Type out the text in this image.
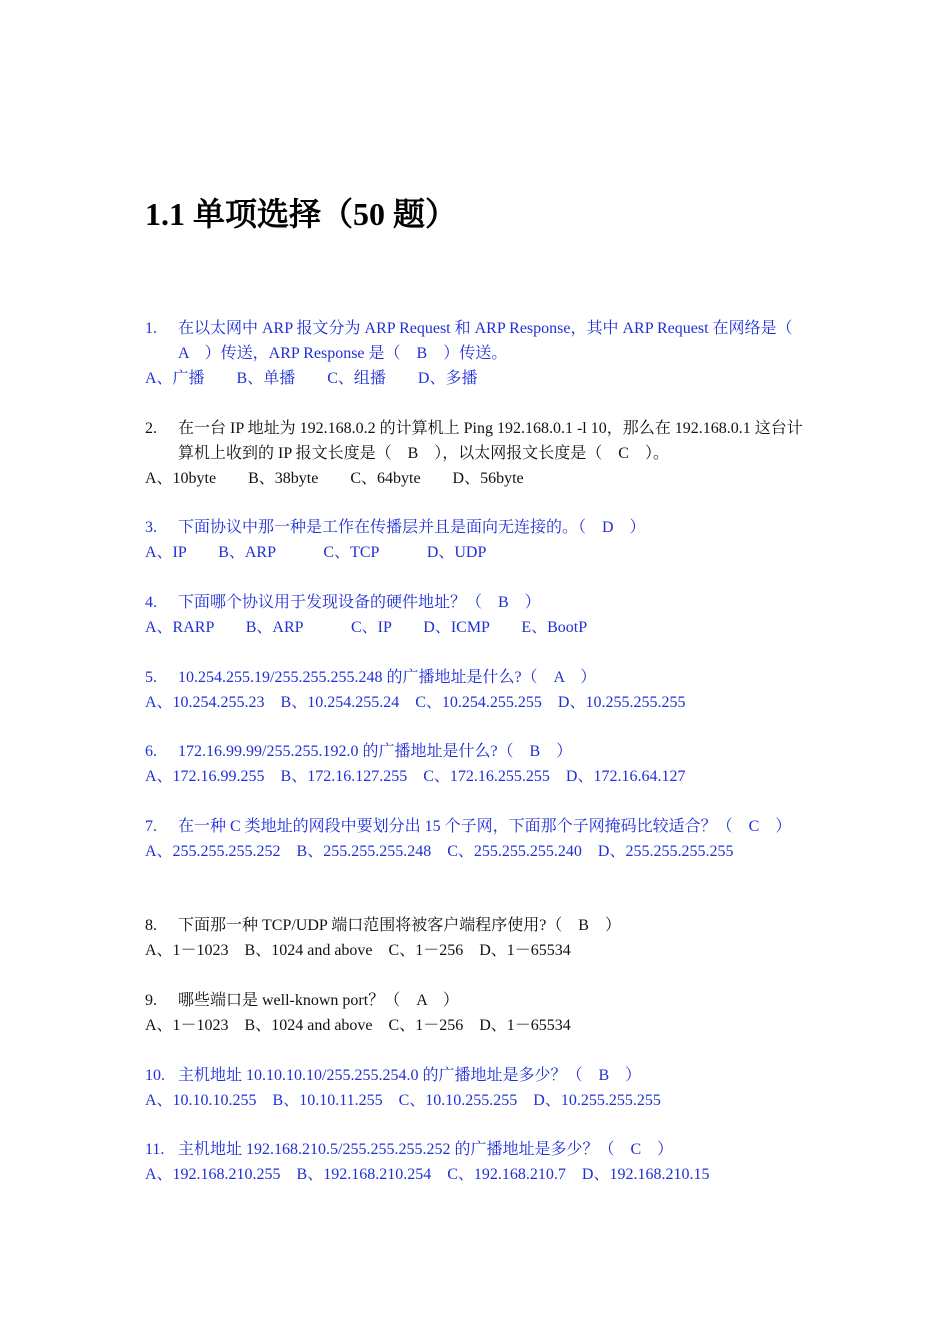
1.1 单项选择（50 题）
1. 在以太网中 ARP 报文分为 ARP Request 和 ARP Response，其中 ARP Request 在网络是（　A　）传送，ARP Response 是（　B　）传送。
A、广播　　B、单播　　C、组播　　D、多播
2. 在一台 IP 地址为 192.168.0.2 的计算机上 Ping 192.168.0.1 -l 10，那么在 192.168.0.1 这台计算机上收到的 IP 报文长度是（　B　），以太网报文长度是（　C　）。
A、10byte　　B、38byte　　C、64byte　　D、56byte
3. 下面协议中那一种是工作在传播层并且是面向无连接的。（　D　）
A、IP　　B、ARP　　　C、TCP　　　D、UDP
4. 下面哪个协议用于发现设备的硬件地址？（　B　）
A、RARP　　B、ARP　　　C、IP　　D、ICMP　　E、BootP
5. 10.254.255.19/255.255.255.248 的广播地址是什么?（　A　）
A、10.254.255.23　B、10.254.255.24　C、10.254.255.255　D、10.255.255.255
6. 172.16.99.99/255.255.192.0 的广播地址是什么?（　B　）
A、172.16.99.255　B、172.16.127.255　C、172.16.255.255　D、172.16.64.127
7. 在一种 C 类地址的网段中要划分出 15 个子网，下面那个子网掩码比较适合？（　C　）
A、255.255.255.252　B、255.255.255.248　C、255.255.255.240　D、255.255.255.255
8. 下面那一种 TCP/UDP 端口范围将被客户端程序使用?（　B　）
A、1－1023　B、1024 and above　C、1－256　D、1－65534
9. 哪些端口是 well-known port？（　A　）
A、1－1023　B、1024 and above　C、1－256　D、1－65534
10. 主机地址 10.10.10.10/255.255.254.0 的广播地址是多少？（　B　）
A、10.10.10.255　B、10.10.11.255　C、10.10.255.255　D、10.255.255.255
11. 主机地址 192.168.210.5/255.255.255.252 的广播地址是多少？（　C　）
A、192.168.210.255　B、192.168.210.254　C、192.168.210.7　D、192.168.210.15
